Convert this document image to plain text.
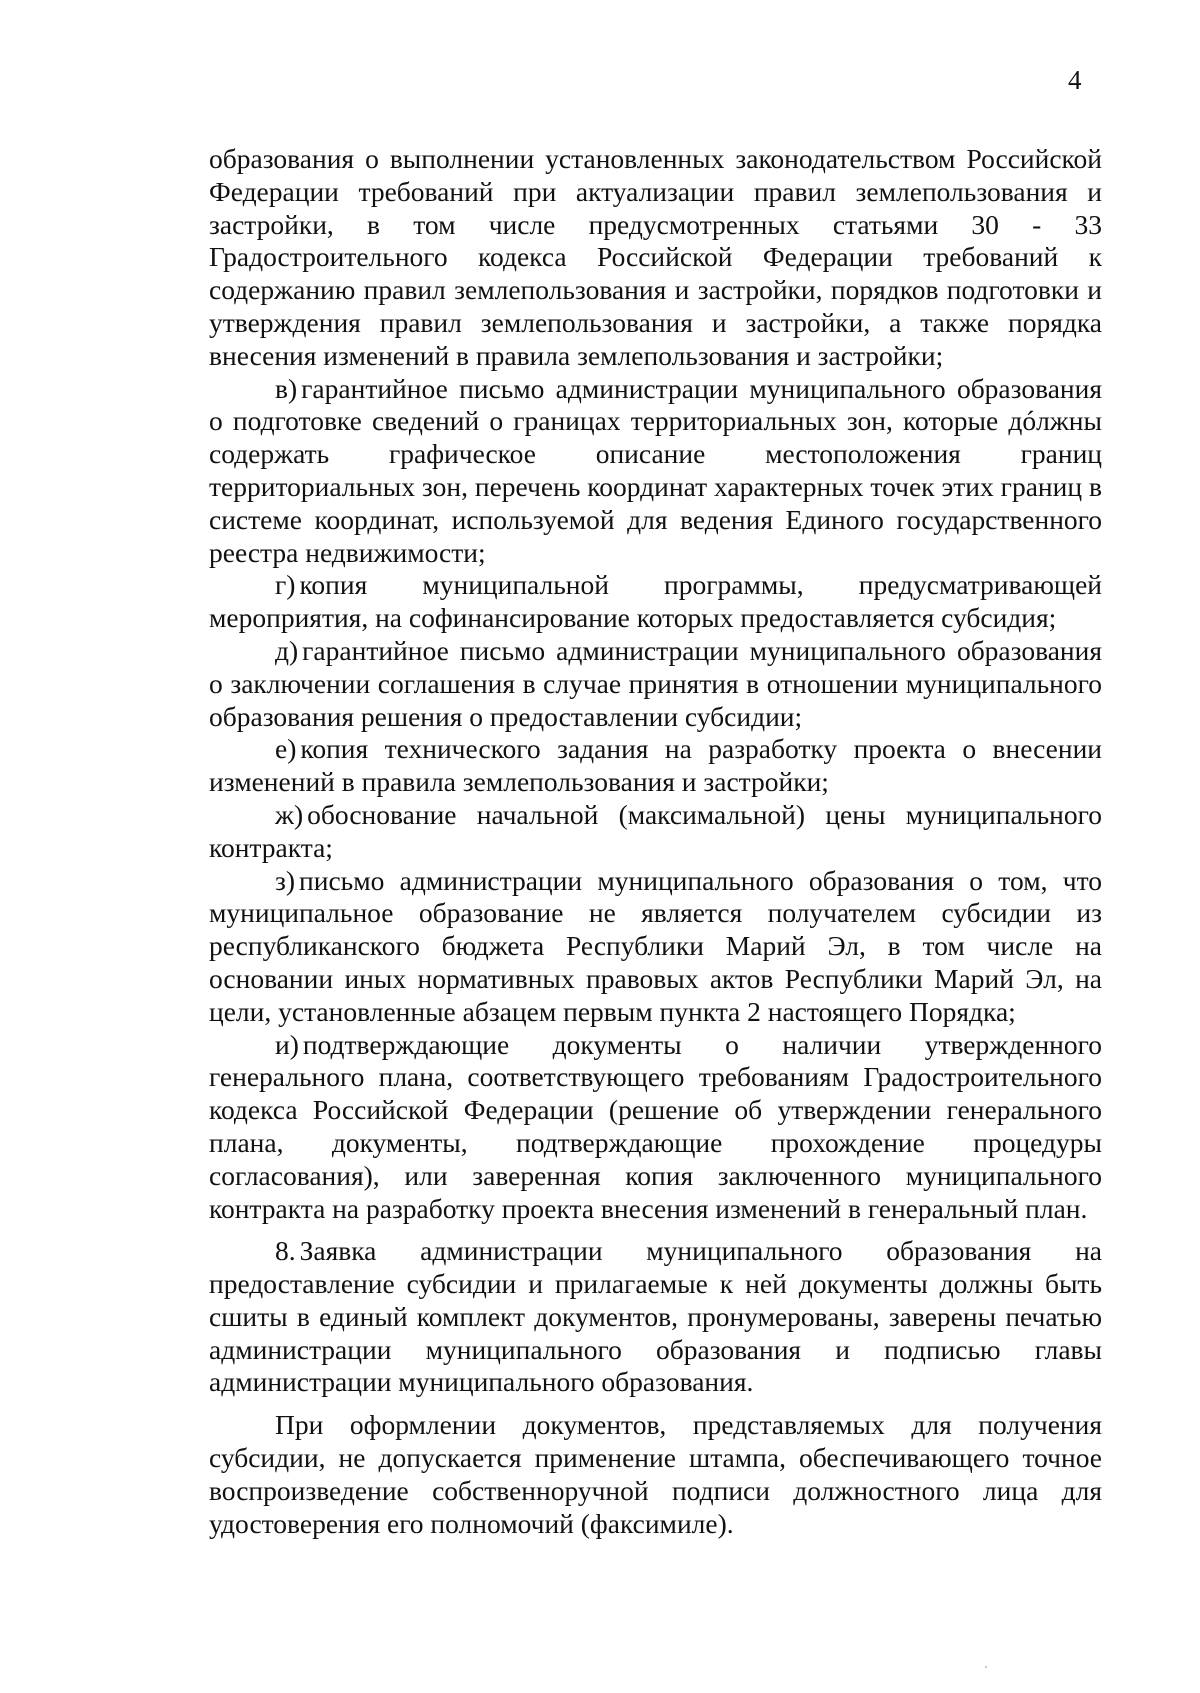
4

образования о выполнении установленных законодательством Российской Федерации требований при актуализации правил землепользования и застройки, в том числе предусмотренных статьями 30 - 33 Градостроительного кодекса Российской Федерации требований к содержанию правил землепользования и застройки, порядков подготовки и утверждения правил землепользования и застройки, а также порядка внесения изменений в правила землепользования и застройки;

в) гарантийное письмо администрации муниципального образования о подготовке сведений о границах территориальных зон, которые дóлжны содержать графическое описание местоположения границ территориальных зон, перечень координат характерных точек этих границ в системе координат, используемой для ведения Единого государственного реестра недвижимости;

г) копия муниципальной программы, предусматривающей мероприятия, на софинансирование которых предоставляется субсидия;

д) гарантийное письмо администрации муниципального образования о заключении соглашения в случае принятия в отношении муниципального образования решения о предоставлении субсидии;

е) копия технического задания на разработку проекта о внесении изменений в правила землепользования и застройки;

ж) обоснование начальной (максимальной) цены муниципального контракта;

з) письмо администрации муниципального образования о том, что муниципальное образование не является получателем субсидии из республиканского бюджета Республики Марий Эл, в том числе на основании иных нормативных правовых актов Республики Марий Эл, на цели, установленные абзацем первым пункта 2 настоящего Порядка;

и) подтверждающие документы о наличии утвержденного генерального плана, соответствующего требованиям Градостроительного кодекса Российской Федерации (решение об утверждении генерального плана, документы, подтверждающие прохождение процедуры согласования), или заверенная копия заключенного муниципального контракта на разработку проекта внесения изменений в генеральный план.

8. Заявка администрации муниципального образования на предоставление субсидии и прилагаемые к ней документы должны быть сшиты в единый комплект документов, пронумерованы, заверены печатью администрации муниципального образования и подписью главы администрации муниципального образования.

При оформлении документов, представляемых для получения субсидии, не допускается применение штампа, обеспечивающего точное воспроизведение собственноручной подписи должностного лица для удостоверения его полномочий (факсимиле).
